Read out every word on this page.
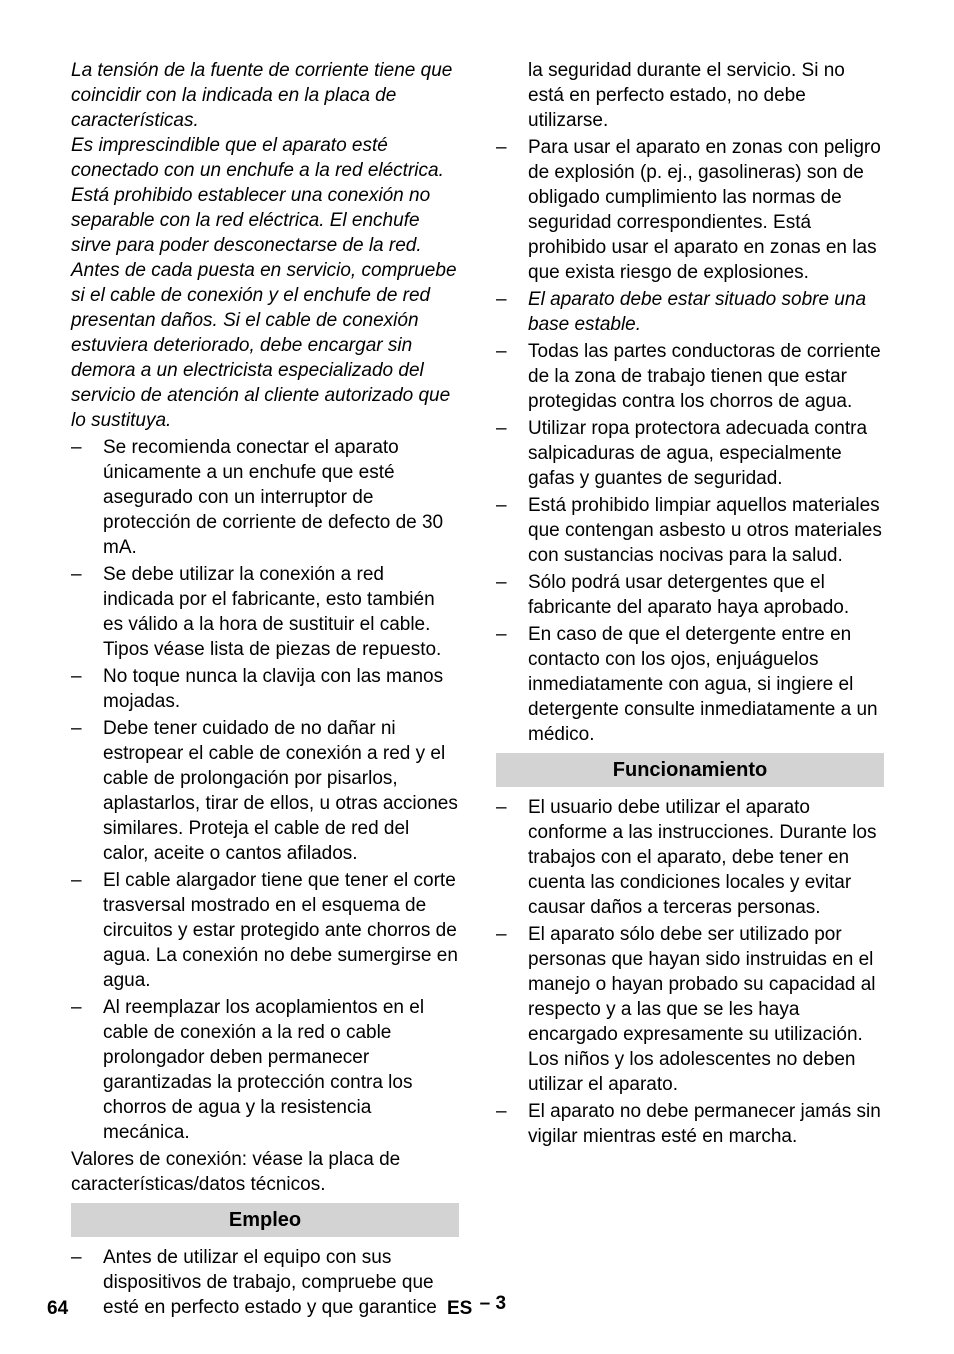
La tensión de la fuente de corriente tiene que coincidir con la indicada en la placa de características.

Es imprescindible que el aparato esté conectado con un enchufe a la red eléctrica. Está prohibido establecer una conexión no separable con la red eléctrica. El enchufe sirve para poder desconectarse de la red.

Antes de cada puesta en servicio, compruebe si el cable de conexión y el enchufe de red presentan daños. Si el cable de conexión estuviera deteriorado, debe encargar sin demora a un electricista especializado del servicio de atención al cliente autorizado que lo sustituya.

–	Se recomienda conectar el aparato únicamente a un enchufe que esté asegurado con un interruptor de protección de corriente de defecto de 30 mA.
–	Se debe utilizar la conexión a red indicada por el fabricante, esto también es válido a la hora de sustituir el cable. Tipos véase lista de piezas de repuesto.
–	No toque nunca la clavija con las manos mojadas.
–	Debe tener cuidado de no dañar ni estropear el cable de conexión a red y el cable de prolongación por pisarlos, aplastarlos, tirar de ellos, u otras acciones similares. Proteja el cable de red del calor, aceite o cantos afilados.
–	El cable alargador tiene que tener el corte trasversal mostrado en el esquema de circuitos y estar protegido ante chorros de agua. La conexión no debe sumergirse en agua.
–	Al reemplazar los acoplamientos en el cable de conexión a la red o cable prolongador deben permanecer garantizadas la protección contra los chorros de agua y la resistencia mecánica.

Valores de conexión: véase la placa de características/datos técnicos.

Empleo
–	Antes de utilizar el equipo con sus dispositivos de trabajo, compruebe que esté en perfecto estado y que garantice

la seguridad durante el servicio. Si no está en perfecto estado, no debe utilizarse.

–	Para usar el aparato en zonas con peligro de explosión (p. ej., gasolineras) son de obligado cumplimiento las normas de seguridad correspondientes. Está prohibido usar el aparato en zonas en las que exista riesgo de explosiones.
–	El aparato debe estar situado sobre una base estable.
–	Todas las partes conductoras de corriente de la zona de trabajo tienen que estar protegidas contra los chorros de agua.
–	Utilizar ropa protectora adecuada contra salpicaduras de agua, especialmente gafas y guantes de seguridad.
–	Está prohibido limpiar aquellos materiales que contengan asbesto u otros materiales con sustancias nocivas para la salud.
–	Sólo podrá usar detergentes que el fabricante del aparato haya aprobado.
–	En caso de que el detergente entre en contacto con los ojos, enjuáguelos inmediatamente con agua, si ingiere el detergente consulte inmediatamente a un médico.
Funcionamiento
–	El usuario debe utilizar el aparato conforme a las instrucciones. Durante los trabajos con el aparato, debe tener en cuenta las condiciones locales y evitar causar daños a terceras personas.
–	El aparato sólo debe ser utilizado por personas que hayan sido instruidas en el manejo o hayan probado su capacidad al respecto y a las que se les haya encargado expresamente su utilización. Los niños y los adolescentes no deben utilizar el aparato.
–	El aparato no debe permanecer jamás sin vigilar mientras esté en marcha.
64	ES – 3
